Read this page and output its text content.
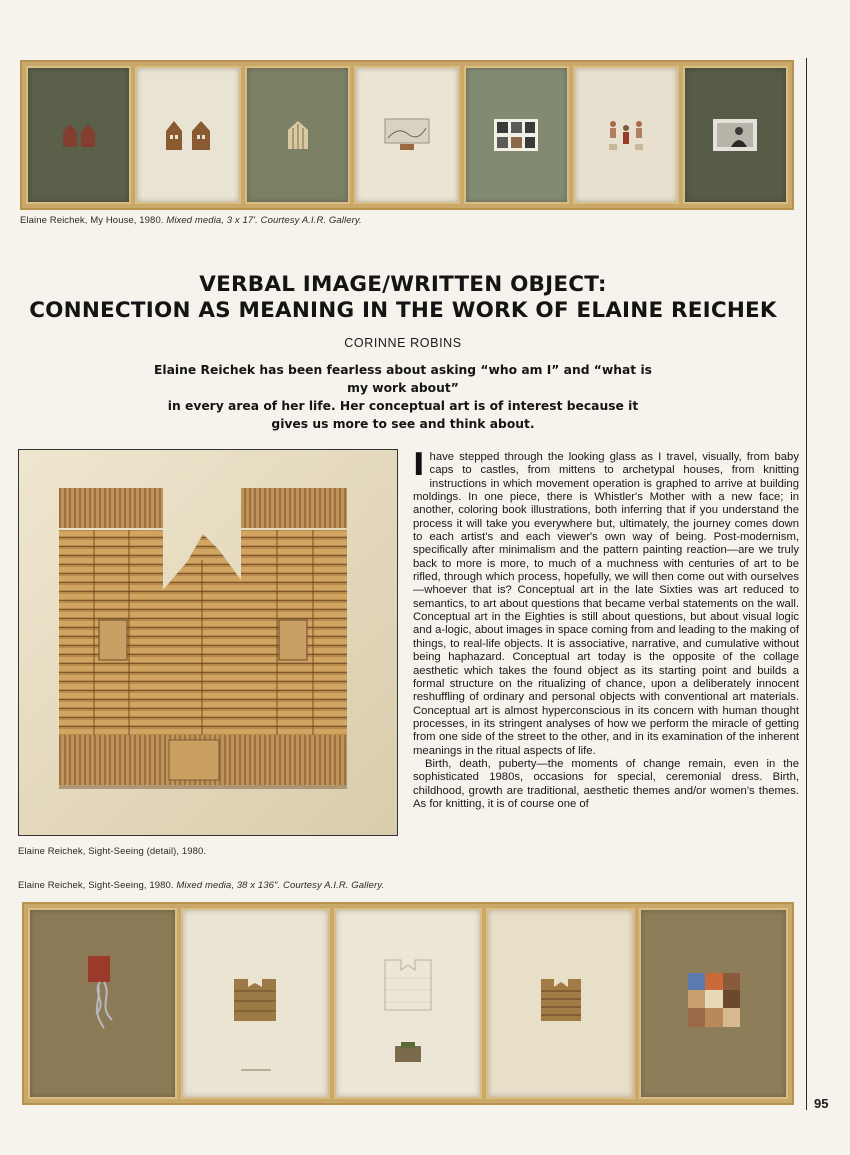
Elaine Reichek, My House, 1980. Mixed media, 3 x 17'. Courtesy A.I.R. Gallery.
VERBAL IMAGE/WRITTEN OBJECT:
CONNECTION AS MEANING IN THE WORK OF ELAINE REICHEK
CORINNE ROBINS
Elaine Reichek has been fearless about asking “who am I” and “what is my work about”
in every area of her life. Her conceptual art is of interest because it
gives us more to see and think about.
Elaine Reichek, Sight-Seeing (detail), 1980.
Elaine Reichek, Sight-Seeing, 1980. Mixed media, 38 x 136". Courtesy A.I.R. Gallery.

Ihave stepped through the looking glass as I travel, visually, from baby caps to castles, from mittens to archetypal houses, from knitting instructions in which movement operation is graphed to arrive at building moldings. In one piece, there is Whistler's Mother with a new face; in another, coloring book illustrations, both inferring that if you understand the process it will take you everywhere but, ultimately, the journey comes down to each artist's and each viewer's own way of being. Post-modernism, specifically after minimalism and the pattern painting reaction—are we truly back to more is more, to much of a muchness with centuries of art to be rifled, through which process, hopefully, we will then come out with ourselves—whoever that is? Conceptual art in the late Sixties was art reduced to semantics, to art about questions that became verbal statements on the wall. Conceptual art in the Eighties is still about questions, but about visual logic and a-logic, about images in space coming from and leading to the making of things, to real-life objects. It is associative, narrative, and cumulative without being haphazard. Conceptual art today is the opposite of the collage aesthetic which takes the found object as its starting point and builds a formal structure on the ritualizing of chance, upon a deliberately innocent reshuffling of ordinary and personal objects with conventional art materials. Conceptual art is almost hyperconscious in its concern with human thought processes, in its stringent analyses of how we perform the miracle of getting from one side of the street to the other, and in its examination of the inherent meanings in the ritual aspects of life.

Birth, death, puberty—the moments of change remain, even in the sophisticated 1980s, occasions for special, ceremonial dress. Birth, childhood, growth are traditional, aesthetic themes and/or women's themes. As for knitting, it is of course one of

95
